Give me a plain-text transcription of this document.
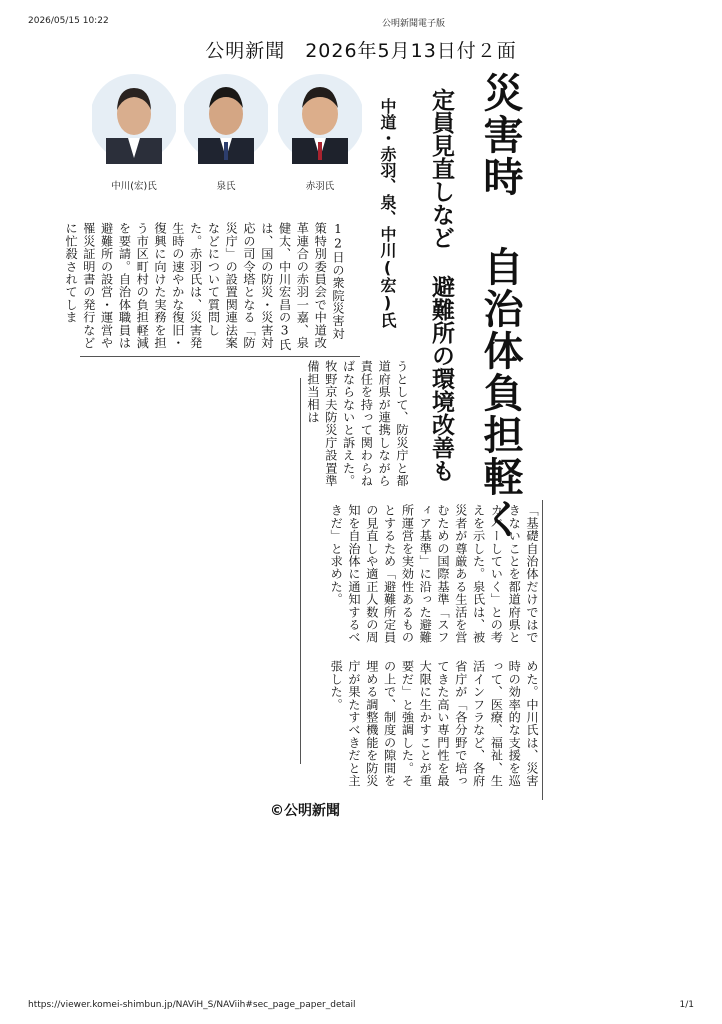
2026/05/15 10:22	公明新聞電子版
公明新聞　2026年5月13日付２面
中川(宏)氏	泉氏	赤羽氏	災害時 自治体負担軽く
定員見直しなど 避難所の環境改善も
中道・赤羽、泉、中川(宏)氏
12日の衆院災害対策特別委員会で中道改革連合の赤羽一嘉、泉健太、中川宏昌の3氏は、国の防災・災害対応の司令塔となる「防災庁」の設置関連法案などについて質問した。赤羽氏は、災害発生時の速やかな復旧・復興に向けた実務を担う市区町村の負担軽減を要請。自治体職員は避難所の設営・運営や罹災証明書の発行などに忙殺されてしま
うとして、防災庁と都道府県が連携しながら責任を持って関わらねばならないと訴えた。牧野京夫防災庁設置準備担当相は
「基礎自治体だけではできないことを都道府県とカバーしていく」との考えを示した。泉氏は、被災者が尊厳ある生活を営むための国際基準「スフィア基準」に沿った避難所運営を実効性あるものとするため「避難所定員の見直しや適正人数の周知を自治体に通知するべきだ」と求めた。
めた。中川氏は、災害時の効率的な支援を巡って、医療、福祉、生活インフラなど、各府省庁が「各分野で培ってきた高い専門性を最大限に生かすことが重要だ」と強調した。その上で、制度の隙間を埋める調整機能を防災庁が果たすべきだと主張した。
©公明新聞
https://viewer.komei-shimbun.jp/NAViH_S/NAViih#sec_page_paper_detail	1/1
